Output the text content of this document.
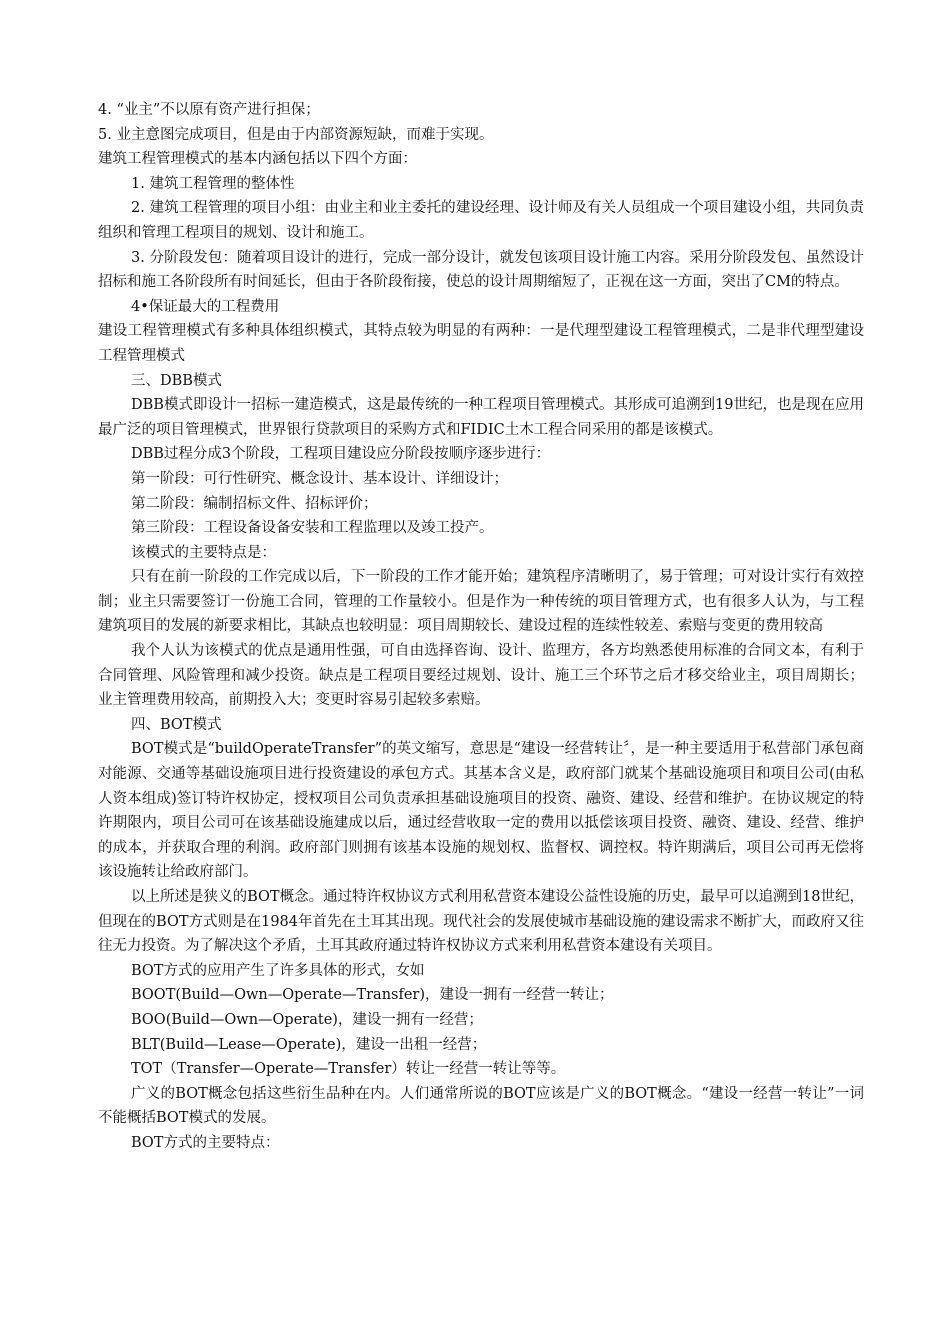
4. “业主”不以原有资产进行担保；

5. 业主意图完成项目，但是由于内部资源短缺，而难于实现。

建筑工程管理模式的基本内涵包括以下四个方面：

1. 建筑工程管理的整体性

2. 建筑工程管理的项目小组：由业主和业主委托的建设经理、设计师及有关人员组成一个项目建设小组，共同负责组织和管理工程项目的规划、设计和施工。

3. 分阶段发包：随着项目设计的进行，完成一部分设计，就发包该项目设计施工内容。采用分阶段发包、虽然设计招标和施工各阶段所有时间延长，但由于各阶段衔接，使总的设计周期缩短了，正视在这一方面，突出了CM的特点。

4•保证最大的工程费用

建设工程管理模式有多种具体组织模式，其特点较为明显的有两种：一是代理型建设工程管理模式，二是非代理型建设工程管理模式

三、DBB模式

DBB模式即设计一招标一建造模式，这是最传统的一种工程项目管理模式。其形成可追溯到19世纪，也是现在应用最广泛的项目管理模式，世界银行贷款项目的采购方式和FIDIC土木工程合同采用的都是该模式。

DBB过程分成3个阶段，工程项目建设应分阶段按顺序逐步进行：

第一阶段：可行性研究、概念设计、基本设计、详细设计；

第二阶段：编制招标文件、招标评价；

第三阶段：工程设备设备安装和工程监理以及竣工投产。

该模式的主要特点是：

只有在前一阶段的工作完成以后，下一阶段的工作才能开始；建筑程序清晰明了，易于管理；可对设计实行有效控制；业主只需要签订一份施工合同，管理的工作量较小。但是作为一种传统的项目管理方式，也有很多人认为，与工程建筑项目的发展的新要求相比，其缺点也较明显：项目周期较长、建设过程的连续性较差、索赔与变更的费用较高

我个人认为该模式的优点是通用性强，可自由选择咨询、设计、监理方，各方均熟悉使用标准的合同文本，有利于合同管理、风险管理和减少投资。缺点是工程项目要经过规划、设计、施工三个环节之后才移交给业主，项目周期长；业主管理费用较高，前期投入大；变更时容易引起较多索赔。

四、BOT模式

BOT模式是“buildOperateTransfer”的英文缩写，意思是“建设一经营转让〞，是一种主要适用于私营部门承包商对能源、交通等基础设施项目进行投资建设的承包方式。其基本含义是，政府部门就某个基础设施项目和项目公司(由私人资本组成)签订特许权协定，授权项目公司负责承担基础设施项目的投资、融资、建设、经营和维护。在协议规定的特许期限内，项目公司可在该基础设施建成以后，通过经营收取一定的费用以抵偿该项目投资、融资、建设、经营、维护的成本，并获取合理的利润。政府部门则拥有该基本设施的规划权、监督权、调控权。特许期满后，项目公司再无偿将该设施转让给政府部门。

以上所述是狭义的BOT概念。通过特许权协议方式利用私营资本建设公益性设施的历史，最早可以追溯到18世纪，但现在的BOT方式则是在1984年首先在土耳其出现。现代社会的发展使城市基础设施的建设需求不断扩大，而政府又往往无力投资。为了解决这个矛盾，土耳其政府通过特许权协议方式来利用私营资本建设有关项目。

BOT方式的应用产生了许多具体的形式，女如

BOOT(Build—Own—Operate—Transfer)，建设一拥有一经营一转让；

BOO(Build—Own—Operate)，建设一拥有一经营；

BLT(Build—Lease—Operate)，建设一出租一经营；

TOT（Transfer—Operate—Transfer）转让一经营一转让等等。

广义的BOT概念包括这些衍生品种在内。人们通常所说的BOT应该是广义的BOT概念。“建设一经营一转让”一词不能概括BOT模式的发展。

BOT方式的主要特点：
